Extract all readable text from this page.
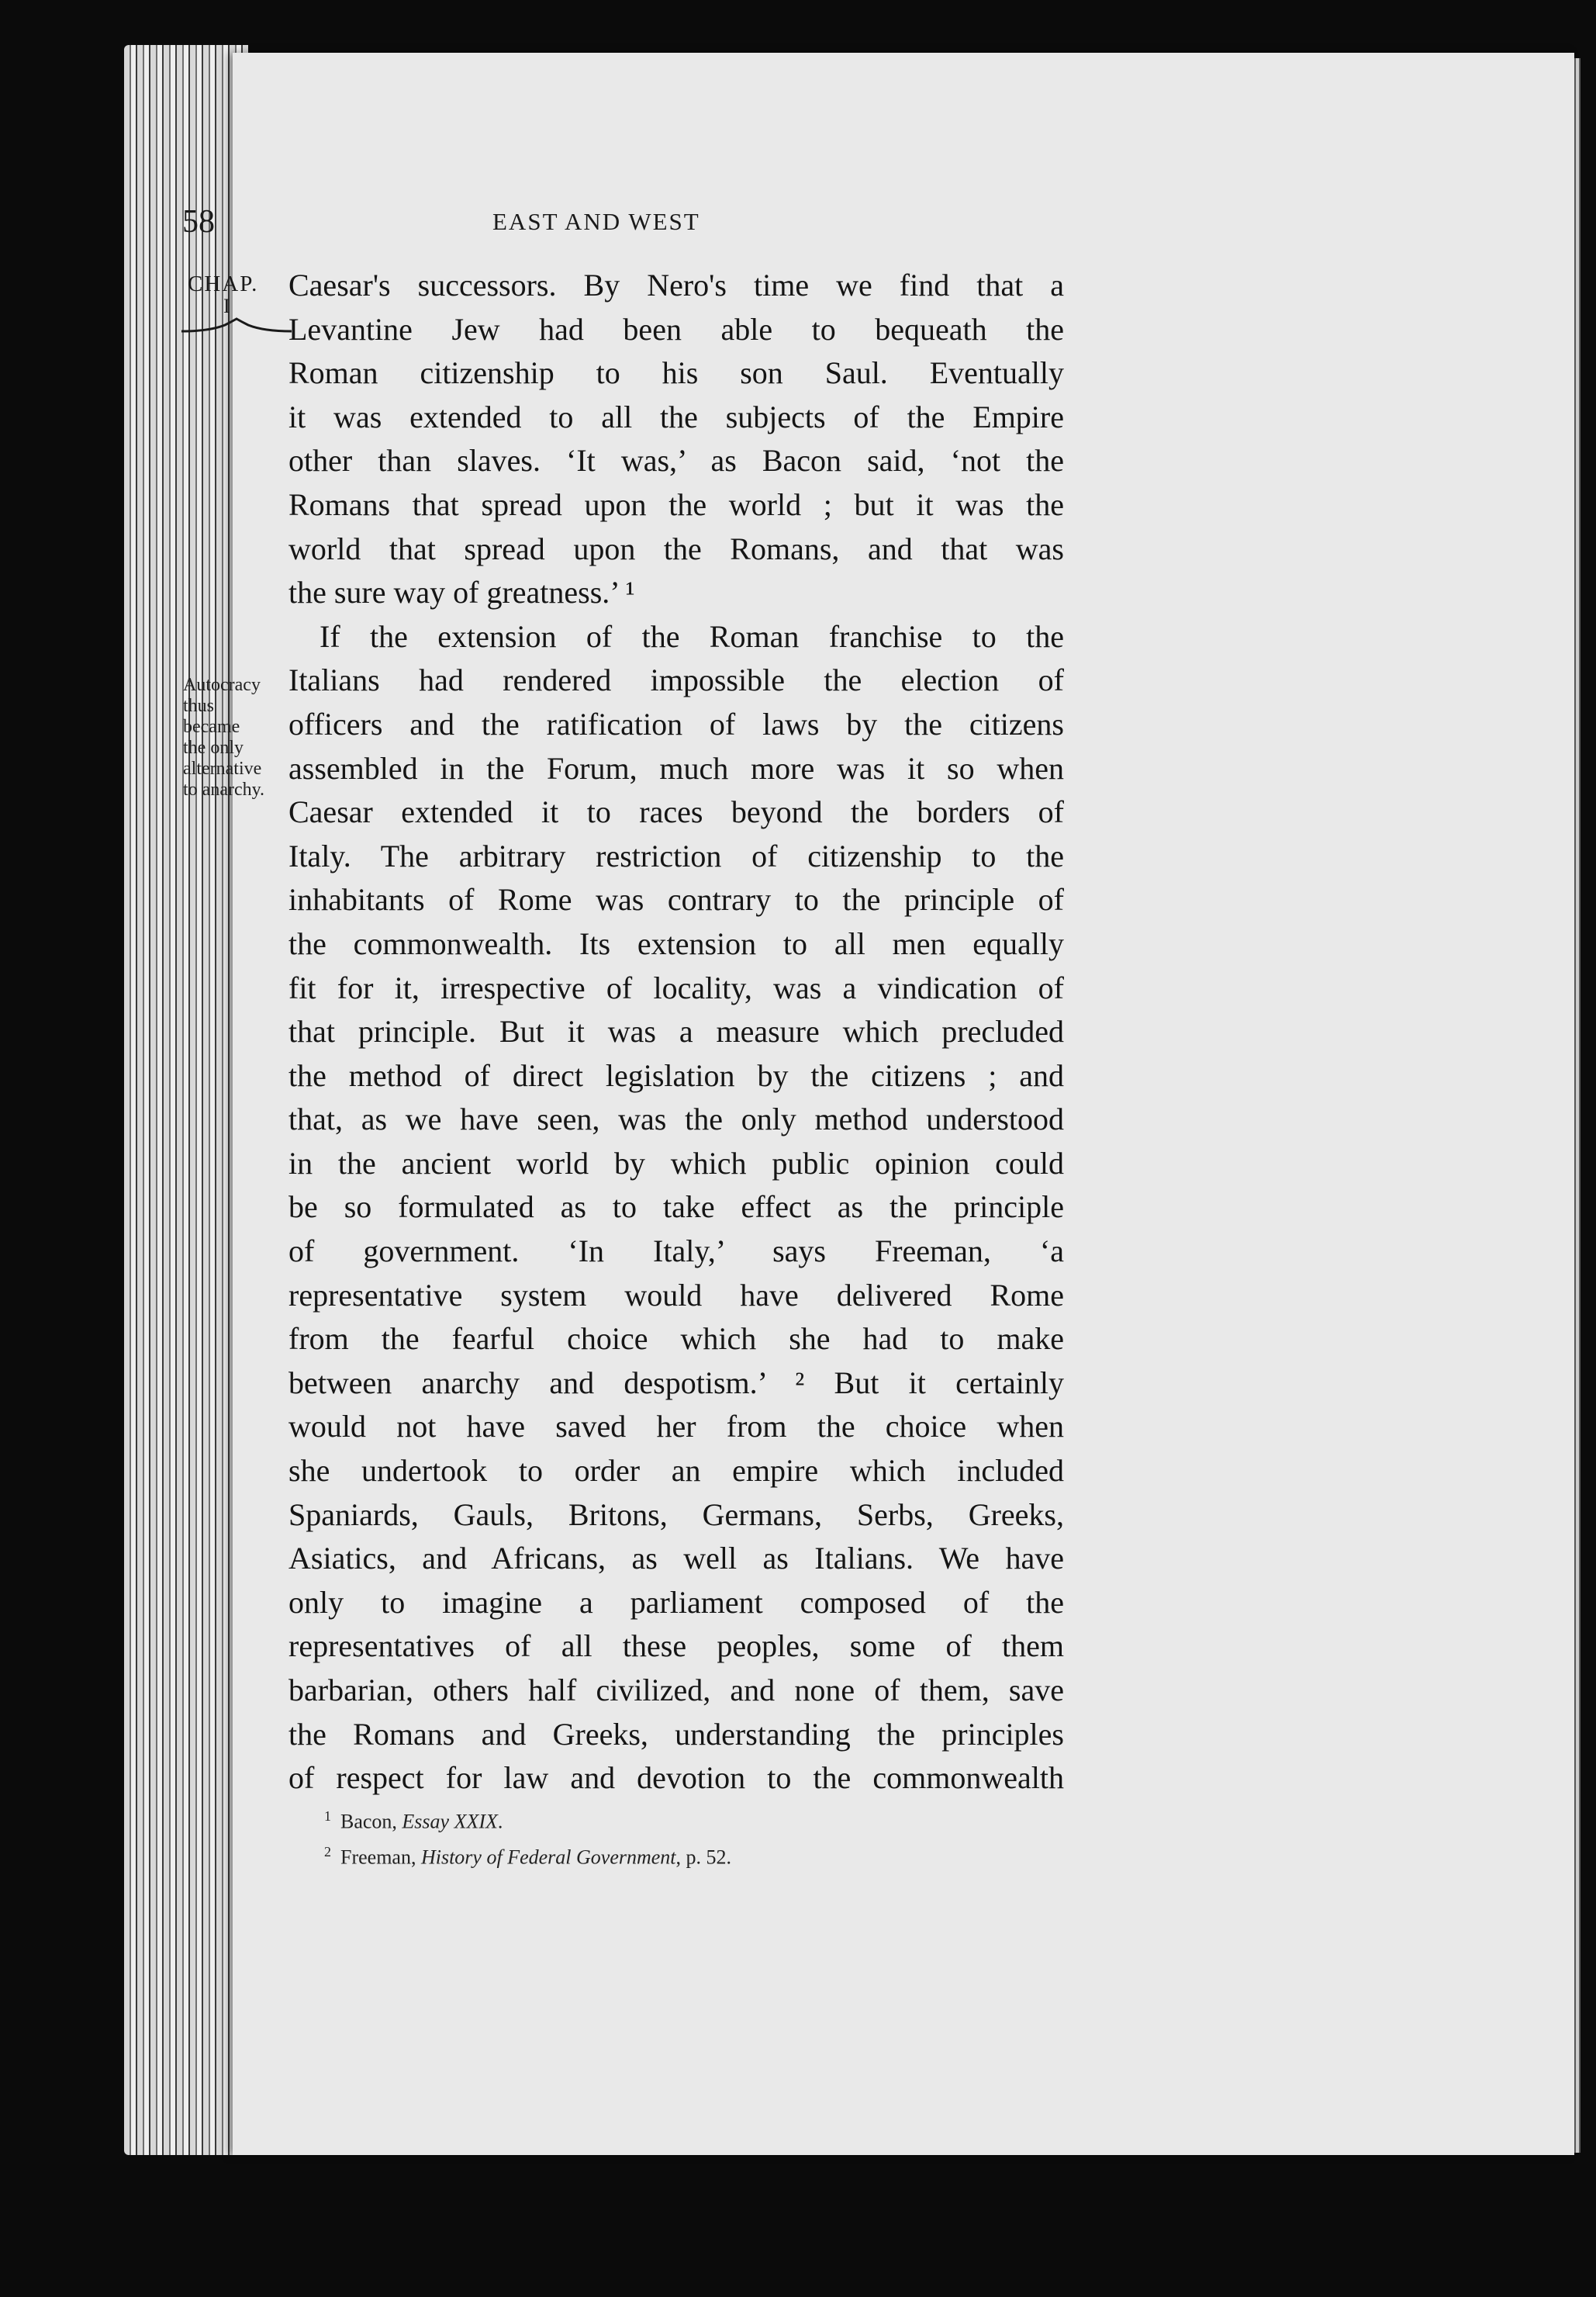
58	EAST AND WEST
CHAP.
I
Autocracy
thus
became
the only
alternative
to anarchy.
Caesar's successors. By Nero's time we find that a
Levantine Jew had been able to bequeath the
Roman citizenship to his son Saul. Eventually
it was extended to all the subjects of the Empire
other than slaves. ‘It was,’ as Bacon said, ‘not the
Romans that spread upon the world ; but it was the
world that spread upon the Romans, and that was
the sure way of greatness.’ ¹
If the extension of the Roman franchise to the
Italians had rendered impossible the election of
officers and the ratification of laws by the citizens
assembled in the Forum, much more was it so when
Caesar extended it to races beyond the borders of
Italy. The arbitrary restriction of citizenship to the
inhabitants of Rome was contrary to the principle of
the commonwealth. Its extension to all men equally
fit for it, irrespective of locality, was a vindication of
that principle. But it was a measure which precluded
the method of direct legislation by the citizens ; and
that, as we have seen, was the only method understood
in the ancient world by which public opinion could
be so formulated as to take effect as the principle
of government. ‘In Italy,’ says Freeman, ‘a
representative system would have delivered Rome
from the fearful choice which she had to make
between anarchy and despotism.’ ² But it certainly
would not have saved her from the choice when
she undertook to order an empire which included
Spaniards, Gauls, Britons, Germans, Serbs, Greeks,
Asiatics, and Africans, as well as Italians. We have
only to imagine a parliament composed of the
representatives of all these peoples, some of them
barbarian, others half civilized, and none of them, save
the Romans and Greeks, understanding the principles
of respect for law and devotion to the commonwealth
$^1$ Bacon, Essay XXIX.
$^2$ Freeman, History of Federal Government, p. 52.
